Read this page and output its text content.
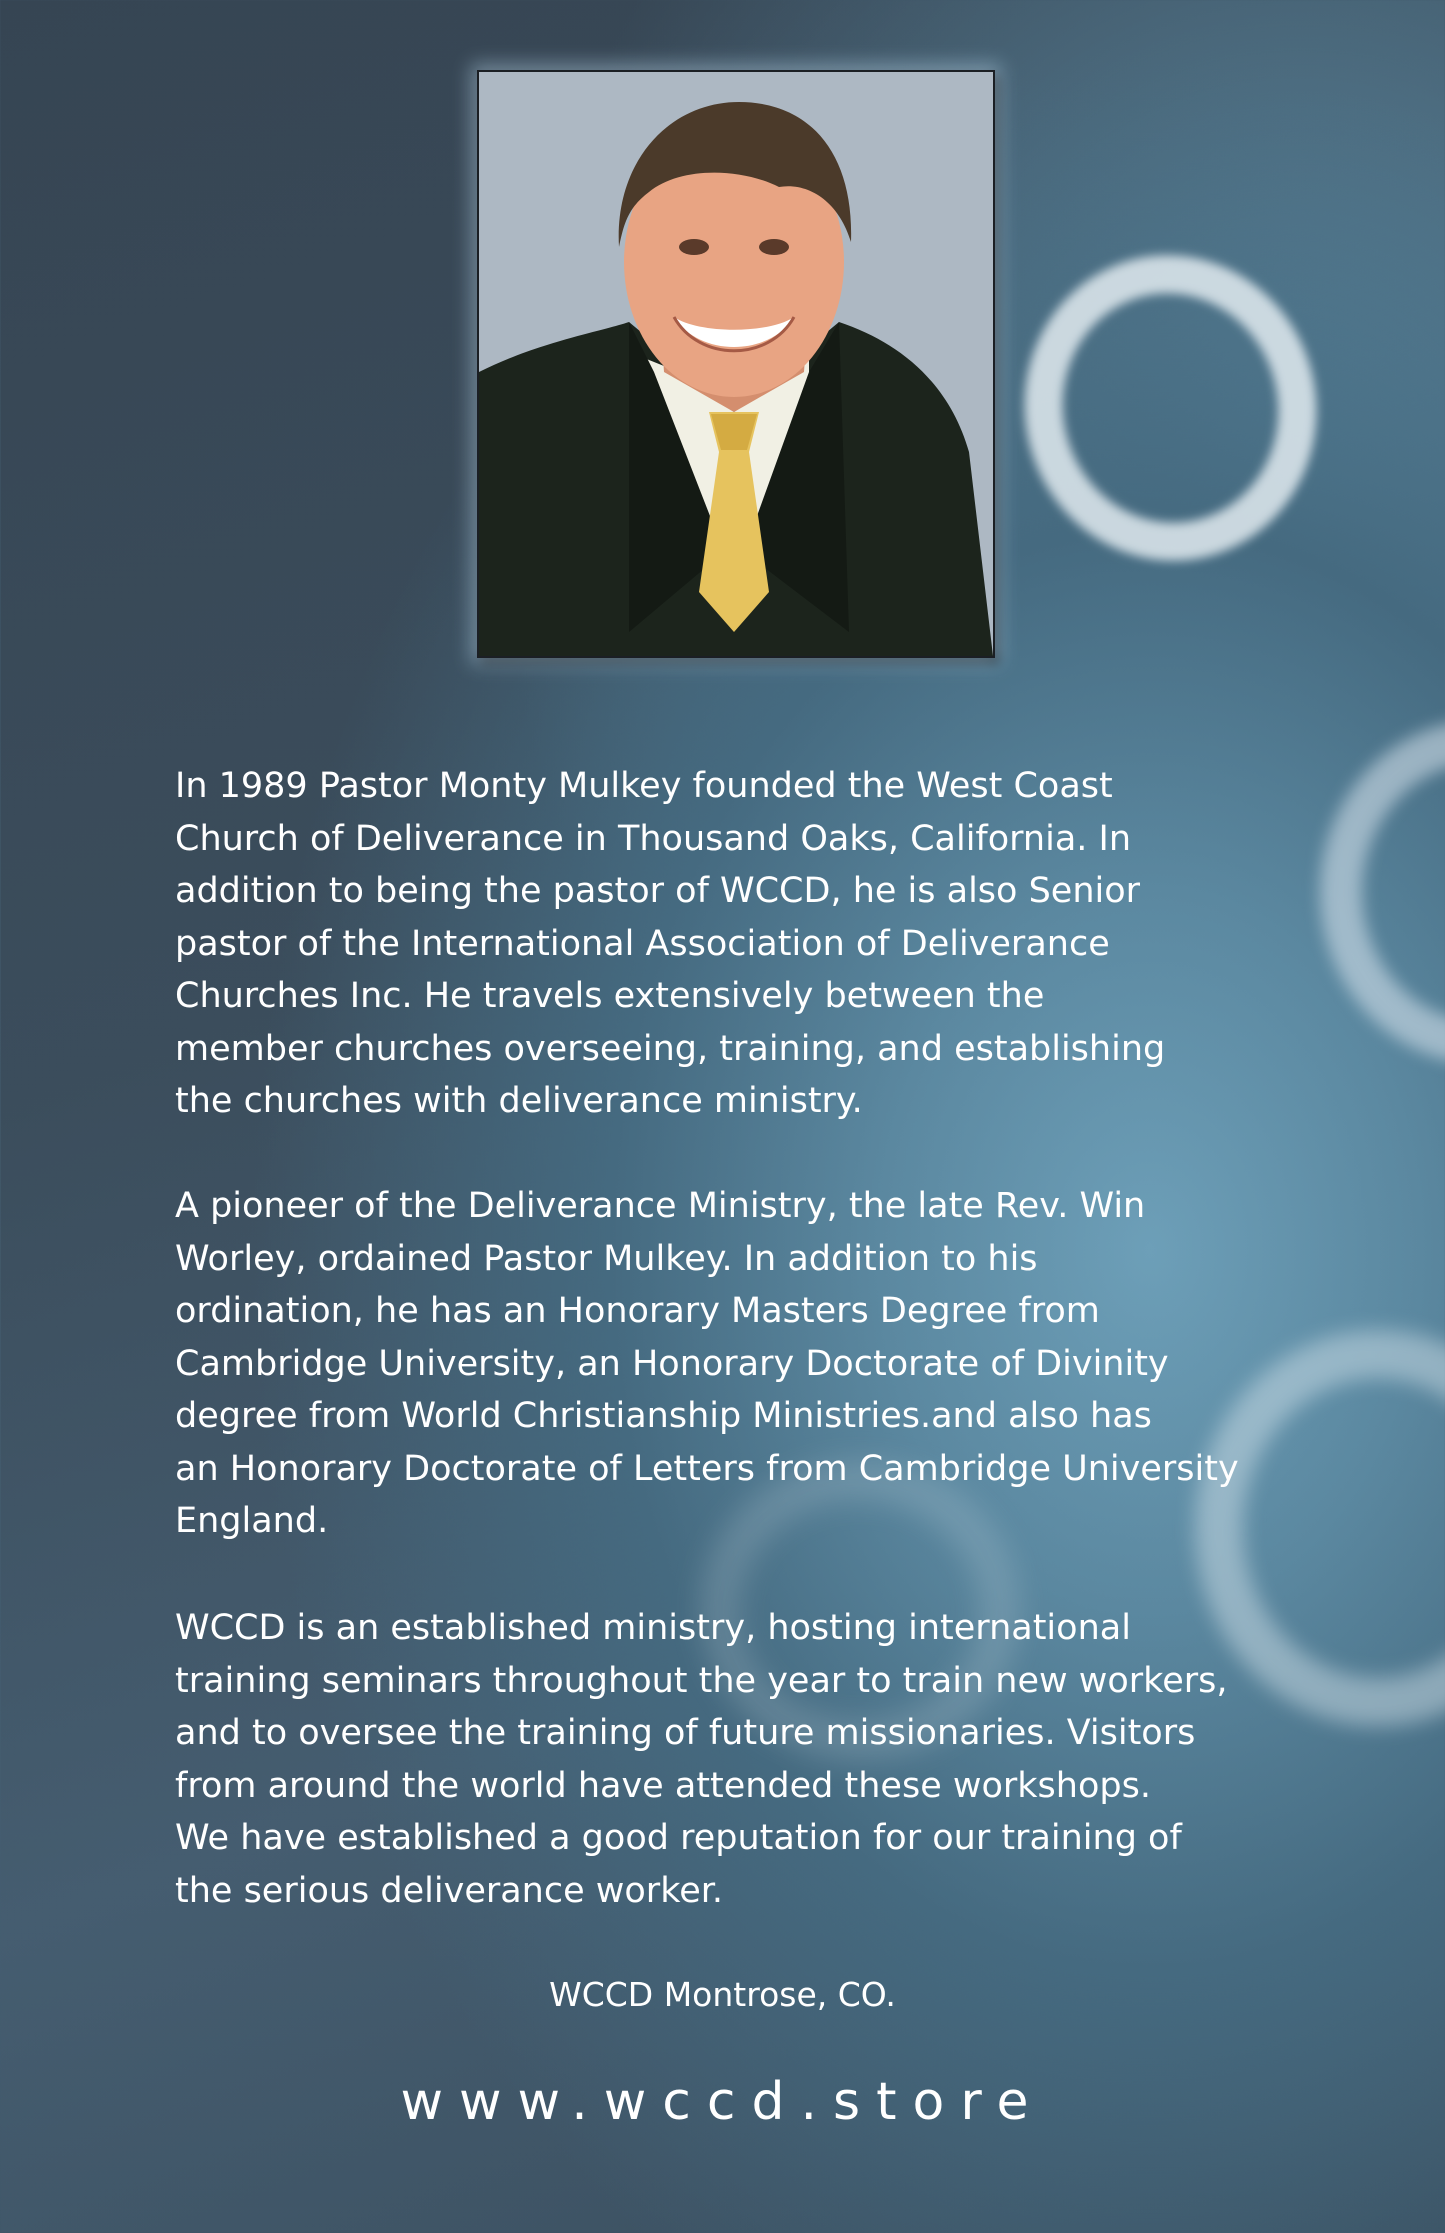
In 1989 Pastor Monty Mulkey founded the West Coast
Church of Deliverance in Thousand Oaks, California. In
addition to being the pastor of WCCD, he is also Senior
pastor of the International Association of Deliverance
Churches Inc. He travels extensively between the
member churches overseeing, training, and establishing
the churches with deliverance ministry.

A pioneer of the Deliverance Ministry, the late Rev. Win
Worley, ordained Pastor Mulkey. In addition to his
ordination, he has an Honorary Masters Degree from
Cambridge University, an Honorary Doctorate of Divinity
degree from World Christianship Ministries.and also has
an Honorary Doctorate of Letters from Cambridge University
England.

WCCD is an established ministry, hosting international
training seminars throughout the year to train new workers,
and to oversee the training of future missionaries. Visitors
from around the world have attended these workshops.
We have established a good reputation for our training of
the serious deliverance worker.

WCCD Montrose, CO.
www.wccd.store
